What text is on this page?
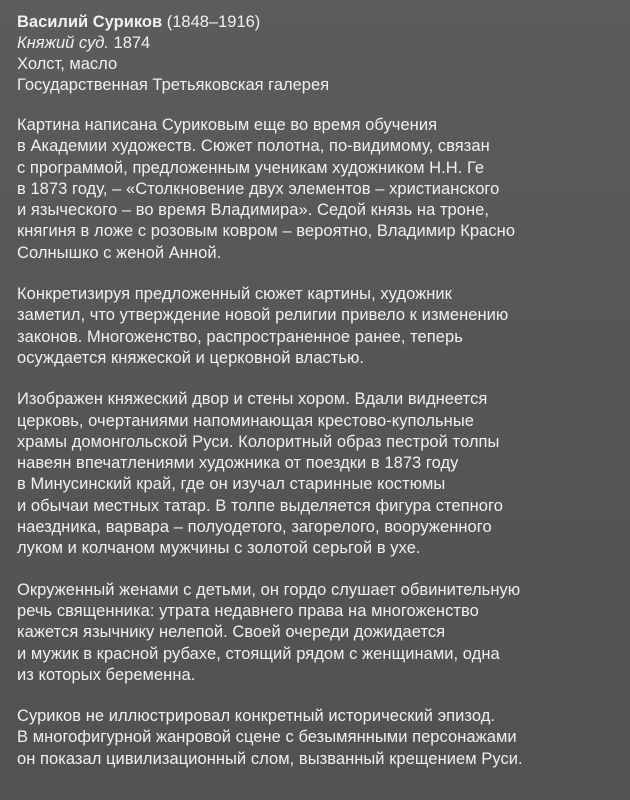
Василий Суриков (1848–1916)
Княжий суд. 1874
Холст, масло
Государственная Третьяковская галерея
Картина написана Суриковым еще во время обучения
в Академии художеств. Сюжет полотна, по-видимому, связан
с программой, предложенным ученикам художником Н.Н. Ге
в 1873 году, – «Столкновение двух элементов – христианского
и языческого – во время Владимира». Седой князь на троне,
княгиня в ложе с розовым ковром – вероятно, Владимир Красно
Солнышко с женой Анной.
Конкретизируя предложенный сюжет картины, художник
заметил, что утверждение новой религии привело к изменению
законов. Многоженство, распространенное ранее, теперь
осуждается княжеской и церковной властью.
Изображен княжеский двор и стены хором. Вдали виднеется
церковь, очертаниями напоминающая крестово-купольные
храмы домонгольской Руси. Колоритный образ пестрой толпы
навеян впечатлениями художника от поездки в 1873 году
в Минусинский край, где он изучал старинные костюмы
и обычаи местных татар. В толпе выделяется фигура степного
наездника, варвара – полуодетого, загорелого, вооруженного
луком и колчаном мужчины с золотой серьгой в ухе.
Окруженный женами с детьми, он гордо слушает обвинительную
речь священника: утрата недавнего права на многоженство
кажется язычнику нелепой. Своей очереди дожидается
и мужик в красной рубахе, стоящий рядом с женщинами, одна
из которых беременна.
Суриков не иллюстрировал конкретный исторический эпизод.
В многофигурной жанровой сцене с безымянными персонажами
он показал цивилизационный слом, вызванный крещением Руси.
